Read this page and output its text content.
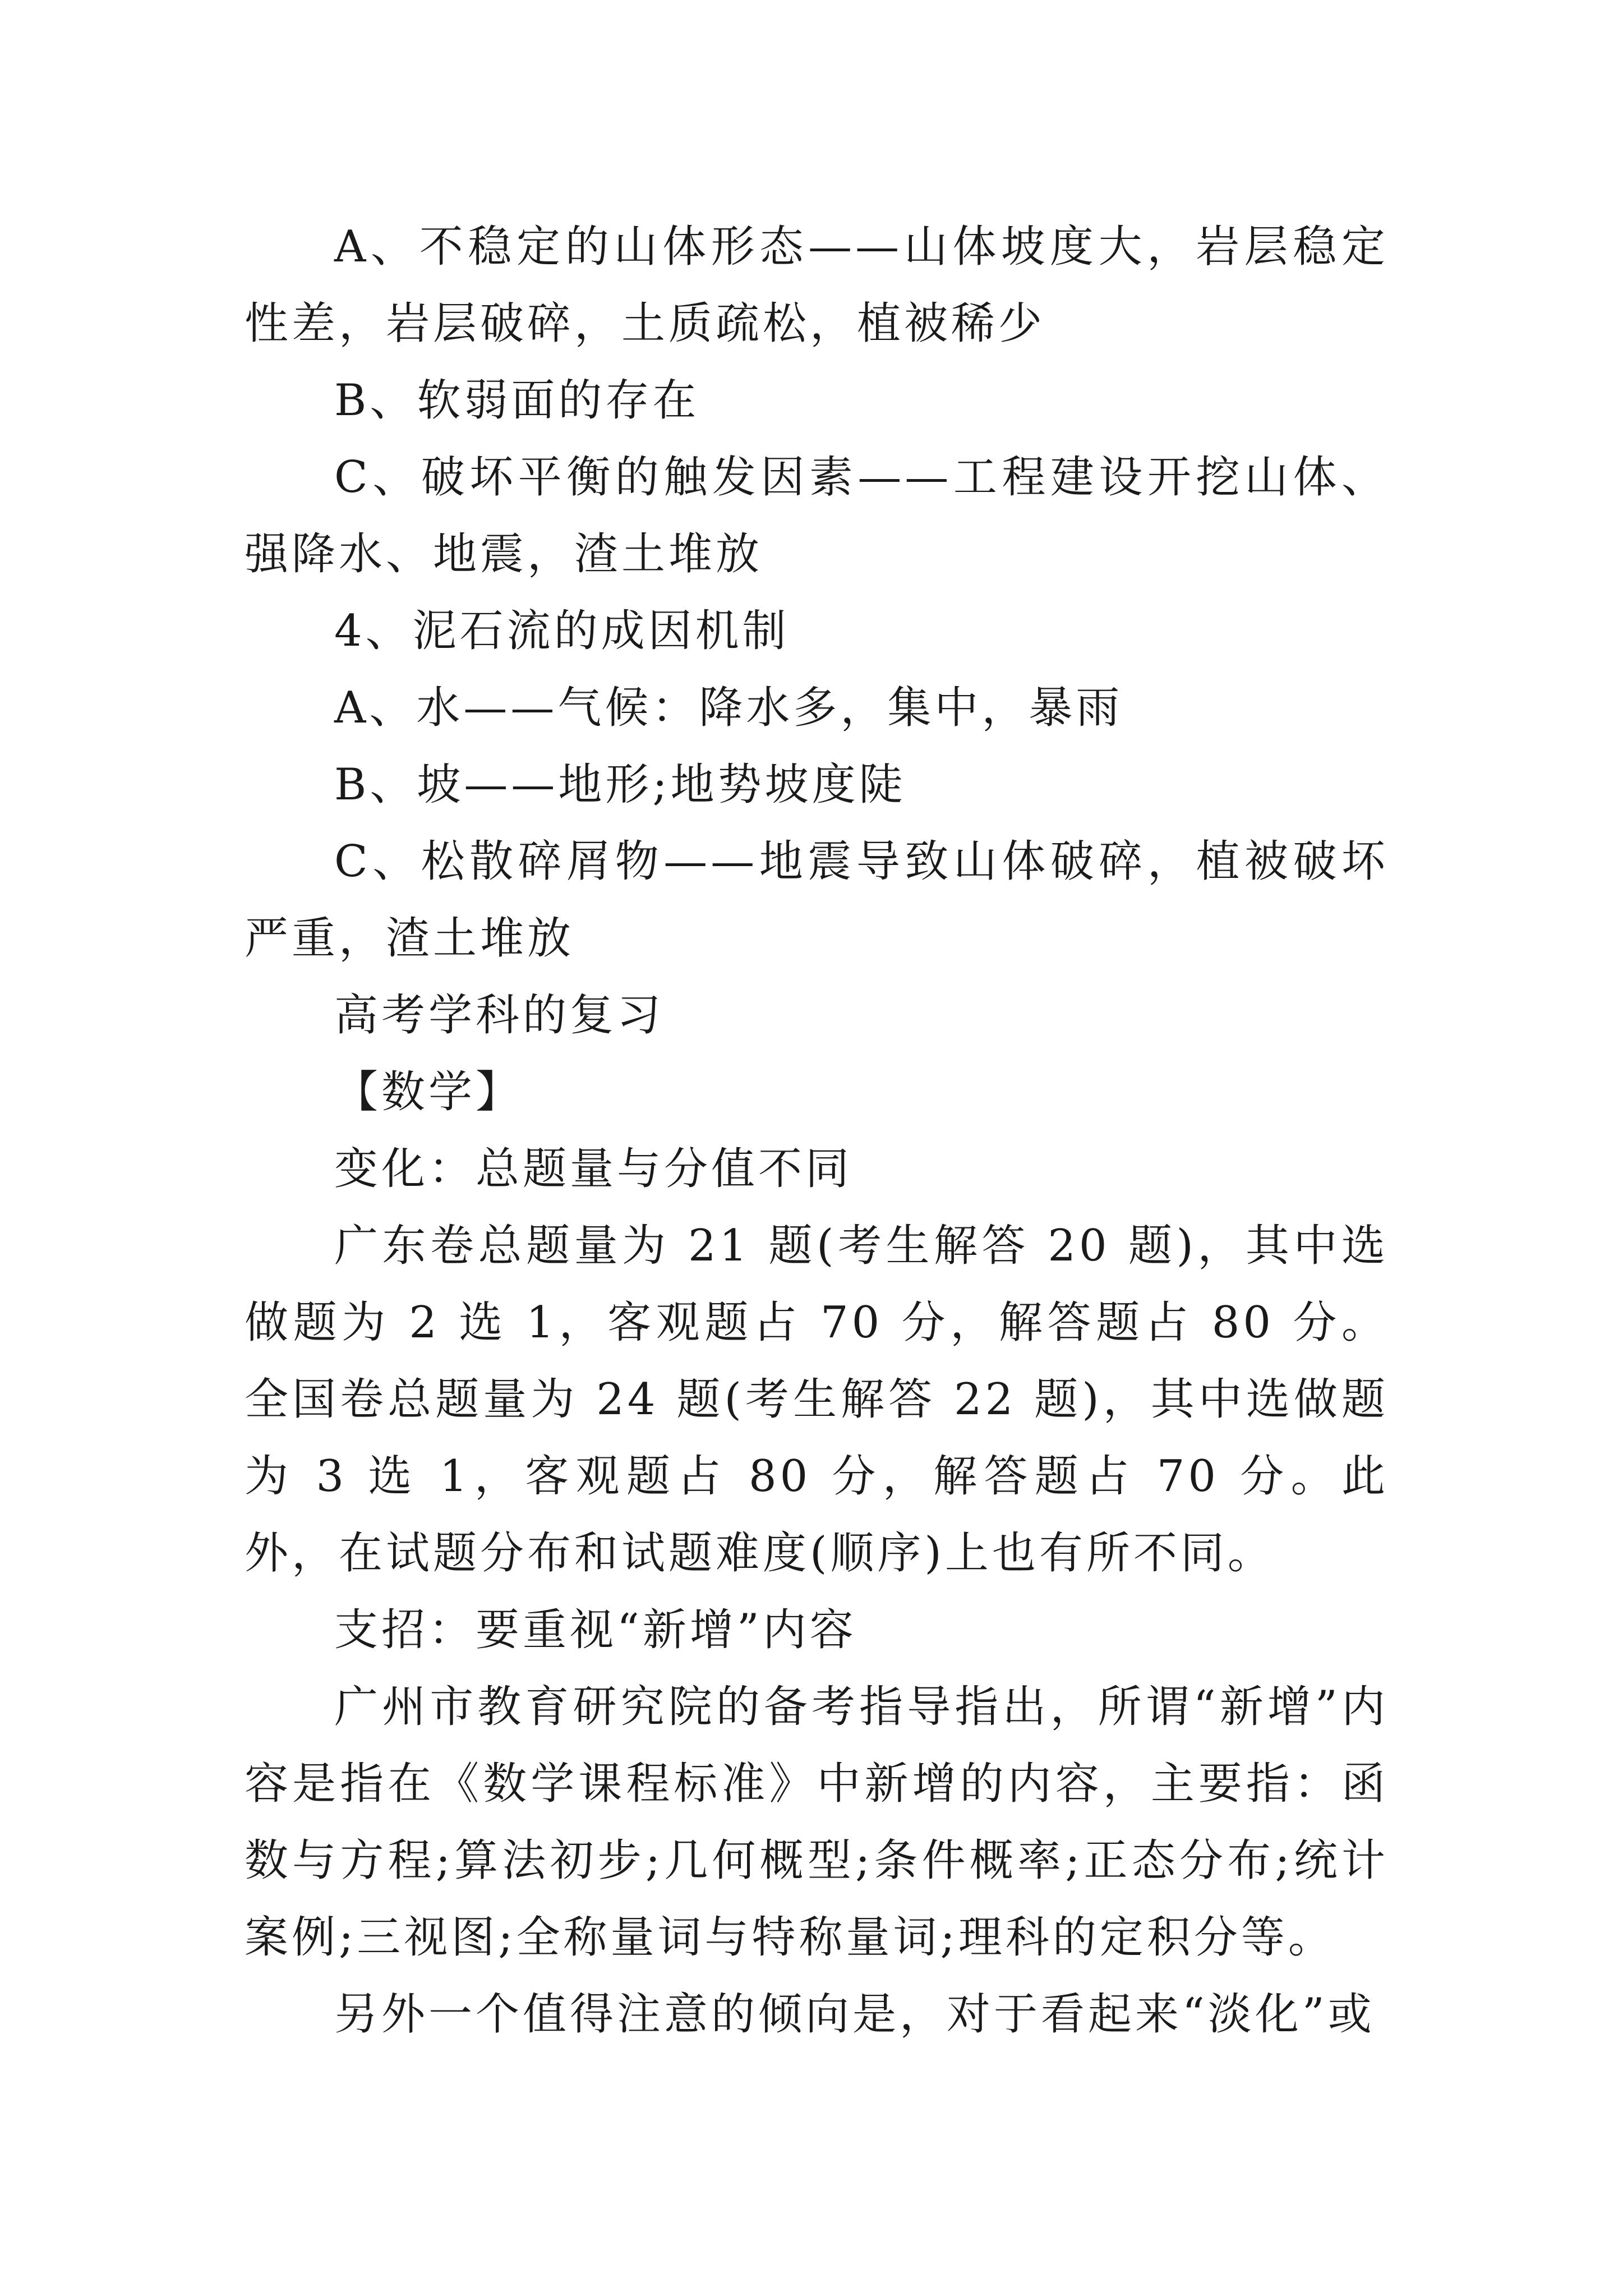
A、不稳定的山体形态——山体坡度大，岩层稳定性差，岩层破碎，土质疏松，植被稀少

B、软弱面的存在

C、破坏平衡的触发因素——工程建设开挖山体、强降水、地震，渣土堆放

4、泥石流的成因机制

A、水——气候：降水多，集中，暴雨

B、坡——地形;地势坡度陡

C、松散碎屑物——地震导致山体破碎，植被破坏严重，渣土堆放

高考学科的复习

【数学】

变化：总题量与分值不同

广东卷总题量为 21 题(考生解答 20 题)，其中选做题为 2 选 1，客观题占 70 分，解答题占 80 分。全国卷总题量为 24 题(考生解答 22 题)，其中选做题为 3 选 1，客观题占 80 分，解答题占 70 分。此外，在试题分布和试题难度(顺序)上也有所不同。

支招：要重视“新增”内容

广州市教育研究院的备考指导指出，所谓“新增”内容是指在《数学课程标准》中新增的内容，主要指：函数与方程;算法初步;几何概型;条件概率;正态分布;统计案例;三视图;全称量词与特称量词;理科的定积分等。

另外一个值得注意的倾向是，对于看起来“淡化”或
